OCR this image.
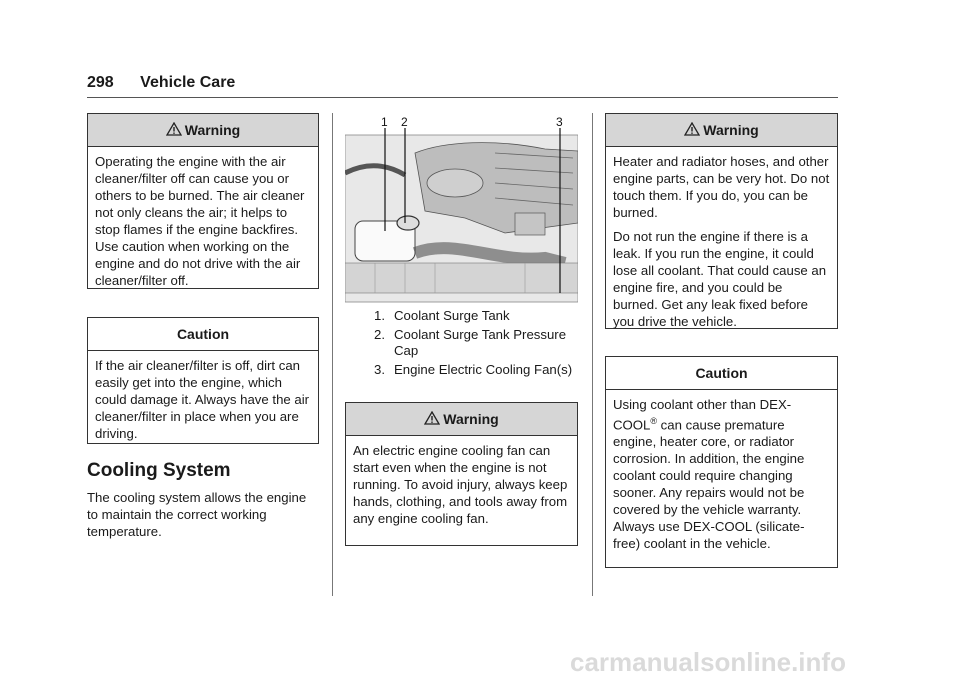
298 Vehicle Care
Warning
Operating the engine with the air cleaner/filter off can cause you or others to be burned. The air cleaner not only cleans the air; it helps to stop flames if the engine backfires. Use caution when working on the engine and do not drive with the air cleaner/filter off.
Caution
If the air cleaner/filter is off, dirt can easily get into the engine, which could damage it. Always have the air cleaner/filter in place when you are driving.
Cooling System
The cooling system allows the engine to maintain the correct working temperature.
1 2	3
1. Coolant Surge Tank
2. Coolant Surge Tank Pressure Cap
3. Engine Electric Cooling Fan(s)
Warning
An electric engine cooling fan can start even when the engine is not running. To avoid injury, always keep hands, clothing, and tools away from any engine cooling fan.
Warning

Heater and radiator hoses, and other engine parts, can be very hot. Do not touch them. If you do, you can be burned.

Do not run the engine if there is a leak. If you run the engine, it could lose all coolant. That could cause an engine fire, and you could be burned. Get any leak fixed before you drive the vehicle.

Caution
Using coolant other than DEX-COOL® can cause premature engine, heater core, or radiator corrosion. In addition, the engine coolant could require changing sooner. Any repairs would not be covered by the vehicle warranty. Always use DEX-COOL (silicate-free) coolant in the vehicle.
carmanualsonline.info
